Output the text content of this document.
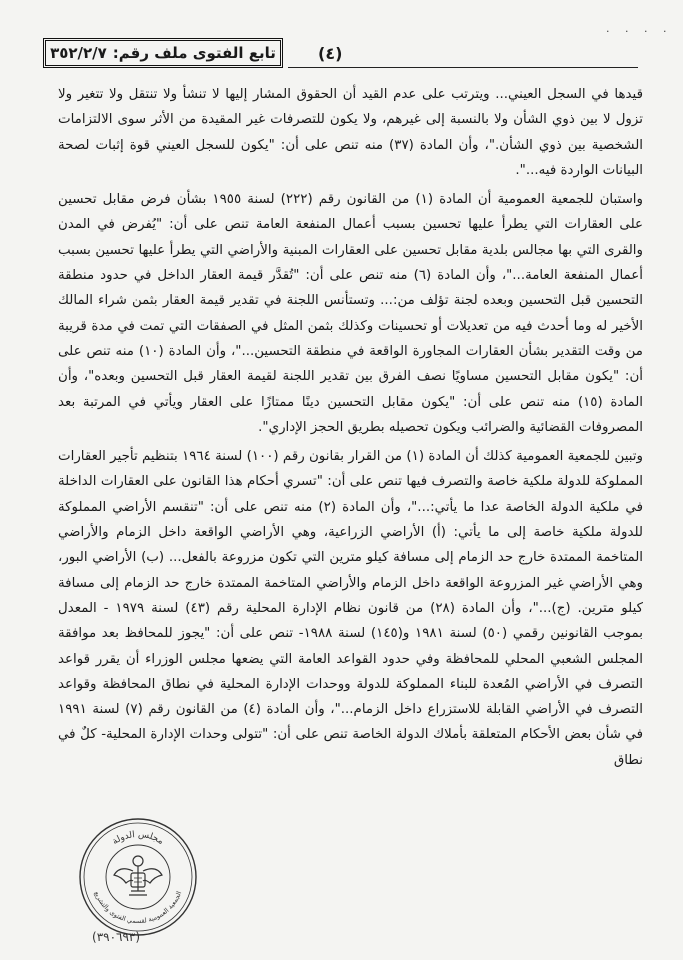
· · · ·
تابع الفتوى ملف رقم:
٣٥٢/٢/٧	(٤)

قيدها في السجل العيني... ويترتب على عدم القيد أن الحقوق المشار إليها لا تنشأ ولا تنتقل ولا تتغير ولا تزول لا بين ذوي الشأن ولا بالنسبة إلى غيرهم، ولا يكون للتصرفات غير المقيدة من الأثر سوى الالتزامات الشخصية بين ذوي الشأن."، وأن المادة (٣٧) منه تنص على أن: "يكون للسجل العيني قوة إثبات لصحة البيانات الواردة فيه...".

واستبان للجمعية العمومية أن المادة (١) من القانون رقم (٢٢٢) لسنة ١٩٥٥ بشأن فرض مقابل تحسين على العقارات التي يطرأ عليها تحسين بسبب أعمال المنفعة العامة تنص على أن: "يُفرض في المدن والقرى التي بها مجالس بلدية مقابل تحسين على العقارات المبنية والأراضي التي يطرأ عليها تحسين بسبب أعمال المنفعة العامة..."، وأن المادة (٦) منه تنص على أن: "تُقدَّر قيمة العقار الداخل في حدود منطقة التحسين قبل التحسين وبعده لجنة تؤلف من:... وتستأنس اللجنة في تقدير قيمة العقار بثمن شراء المالك الأخير له وما أحدث فيه من تعديلات أو تحسينات وكذلك بثمن المثل في الصفقات التي تمت في مدة قريبة من وقت التقدير بشأن العقارات المجاورة الواقعة في منطقة التحسين..."، وأن المادة (١٠) منه تنص على أن: "يكون مقابل التحسين مساويًا نصف الفرق بين تقدير اللجنة لقيمة العقار قبل التحسين وبعده"، وأن المادة (١٥) منه تنص على أن: "يكون مقابل التحسين دينًا ممتازًا على العقار ويأتي في المرتبة بعد المصروفات القضائية والضرائب ويكون تحصيله بطريق الحجز الإداري".

وتبين للجمعية العمومية كذلك أن المادة (١) من القرار بقانون رقم (١٠٠) لسنة ١٩٦٤ بتنظيم تأجير العقارات المملوكة للدولة ملكية خاصة والتصرف فيها تنص على أن: "تسري أحكام هذا القانون على العقارات الداخلة في ملكية الدولة الخاصة عدا ما يأتي:..."، وأن المادة (٢) منه تنص على أن: "تنقسم الأراضي المملوكة للدولة ملكية خاصة إلى ما يأتي: (أ) الأراضي الزراعية، وهي الأراضي الواقعة داخل الزمام والأراضي المتاخمة الممتدة خارج حد الزمام إلى مسافة كيلو مترين التي تكون مزروعة بالفعل... (ب) الأراضي البور، وهي الأراضي غير المزروعة الواقعة داخل الزمام والأراضي المتاخمة الممتدة خارج حد الزمام إلى مسافة كيلو مترين. (ج)..."، وأن المادة (٢٨) من قانون نظام الإدارة المحلية رقم (٤٣) لسنة ١٩٧٩ - المعدل بموجب القانونين رقمي (٥٠) لسنة ١٩٨١ و(١٤٥) لسنة ١٩٨٨- تنص على أن: "يجوز للمحافظ بعد موافقة المجلس الشعبي المحلي للمحافظة وفي حدود القواعد العامة التي يضعها مجلس الوزراء أن يقرر قواعد التصرف في الأراضي المُعدة للبناء المملوكة للدولة ووحدات الإدارة المحلية في نطاق المحافظة وقواعد التصرف في الأراضي القابلة للاستزراع داخل الزمام..."، وأن المادة (٤) من القانون رقم (٧) لسنة ١٩٩١ في شأن بعض الأحكام المتعلقة بأملاك الدولة الخاصة تنص على أن: "تتولى وحدات الإدارة المحلية- كلٌ في نطاق

مجلس الدولة
الجمعية العمومية لقسمي الفتوى والتشريع
(٣٩٠٦٩٣)
